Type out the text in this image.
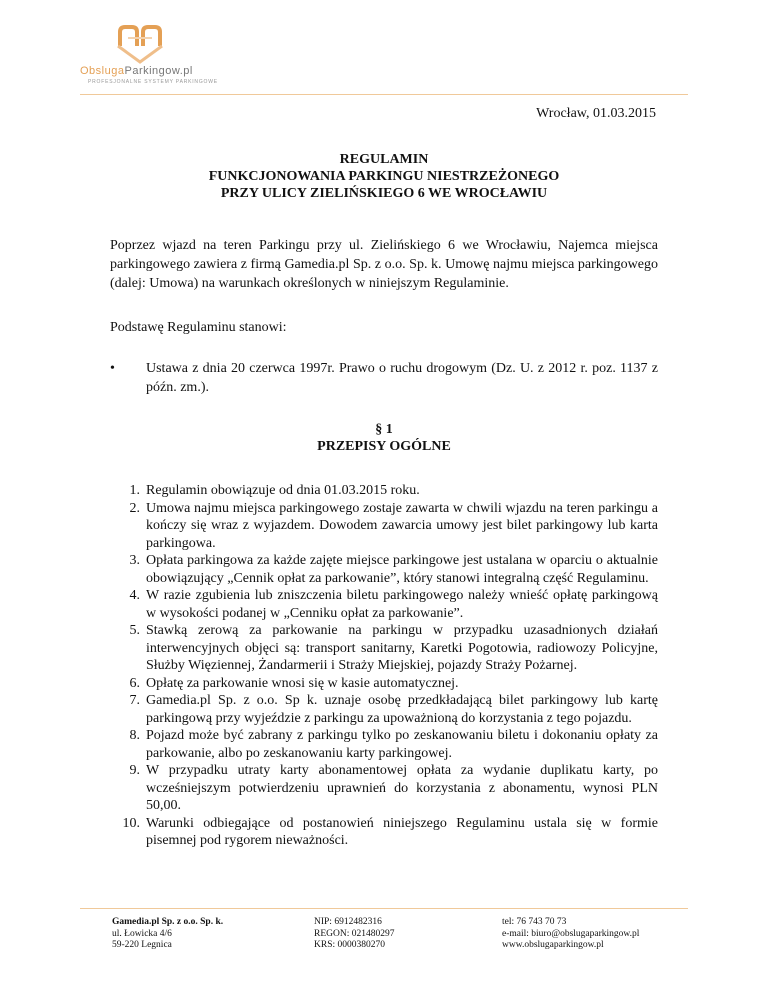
ObslugaParkingow.pl
PROFESJONALNE SYSTEMY PARKINGOWE
Wrocław, 01.03.2015
REGULAMIN
FUNKCJONOWANIA PARKINGU NIESTRZEŻONEGO
PRZY ULICY ZIELIŃSKIEGO 6 WE WROCŁAWIU
Poprzez wjazd na teren Parkingu przy ul. Zielińskiego 6 we Wrocławiu, Najemca miejsca parkingowego zawiera z firmą Gamedia.pl Sp. z o.o. Sp. k. Umowę najmu miejsca parkingowego (dalej: Umowa) na warunkach określonych w niniejszym Regulaminie.
Podstawę Regulaminu stanowi:
• Ustawa z dnia 20 czerwca 1997r. Prawo o ruchu drogowym (Dz. U. z 2012 r. poz. 1137 z późn. zm.).
§ 1
PRZEPISY OGÓLNE
1. Regulamin obowiązuje od dnia 01.03.2015 roku.
2. Umowa najmu miejsca parkingowego zostaje zawarta w chwili wjazdu na teren parkingu a kończy się wraz z wyjazdem. Dowodem zawarcia umowy jest bilet parkingowy lub karta parkingowa.
3. Opłata parkingowa za każde zajęte miejsce parkingowe jest ustalana w oparciu o aktualnie obowiązujący „Cennik opłat za parkowanie”, który stanowi integralną część Regulaminu.
4. W razie zgubienia lub zniszczenia biletu parkingowego należy wnieść opłatę parkingową w wysokości podanej w „Cenniku opłat za parkowanie”.
5. Stawką zerową za parkowanie na parkingu w przypadku uzasadnionych działań interwencyjnych objęci są: transport sanitarny, Karetki Pogotowia, radiowozy Policyjne, Służby Więziennej, Żandarmerii i Straży Miejskiej, pojazdy Straży Pożarnej.
6. Opłatę za parkowanie wnosi się w kasie automatycznej.
7. Gamedia.pl Sp. z o.o. Sp k. uznaje osobę przedkładającą bilet parkingowy lub kartę parkingową przy wyjeździe z parkingu za upoważnioną do korzystania z tego pojazdu.
8. Pojazd może być zabrany z parkingu tylko po zeskanowaniu biletu i dokonaniu opłaty za parkowanie, albo po zeskanowaniu karty parkingowej.
9. W przypadku utraty karty abonamentowej opłata za wydanie duplikatu karty, po wcześniejszym potwierdzeniu uprawnień do korzystania z abonamentu, wynosi PLN 50,00.
10. Warunki odbiegające od postanowień niniejszego Regulaminu ustala się w formie pisemnej pod rygorem nieważności.
Gamedia.pl Sp. z o.o. Sp. k.
ul. Łowicka 4/6
59-220 Legnica
NIP: 6912482316
REGON: 021480297
KRS: 0000380270
tel: 76 743 70 73
e-mail: biuro@obslugaparkingow.pl
www.obslugaparkingow.pl
